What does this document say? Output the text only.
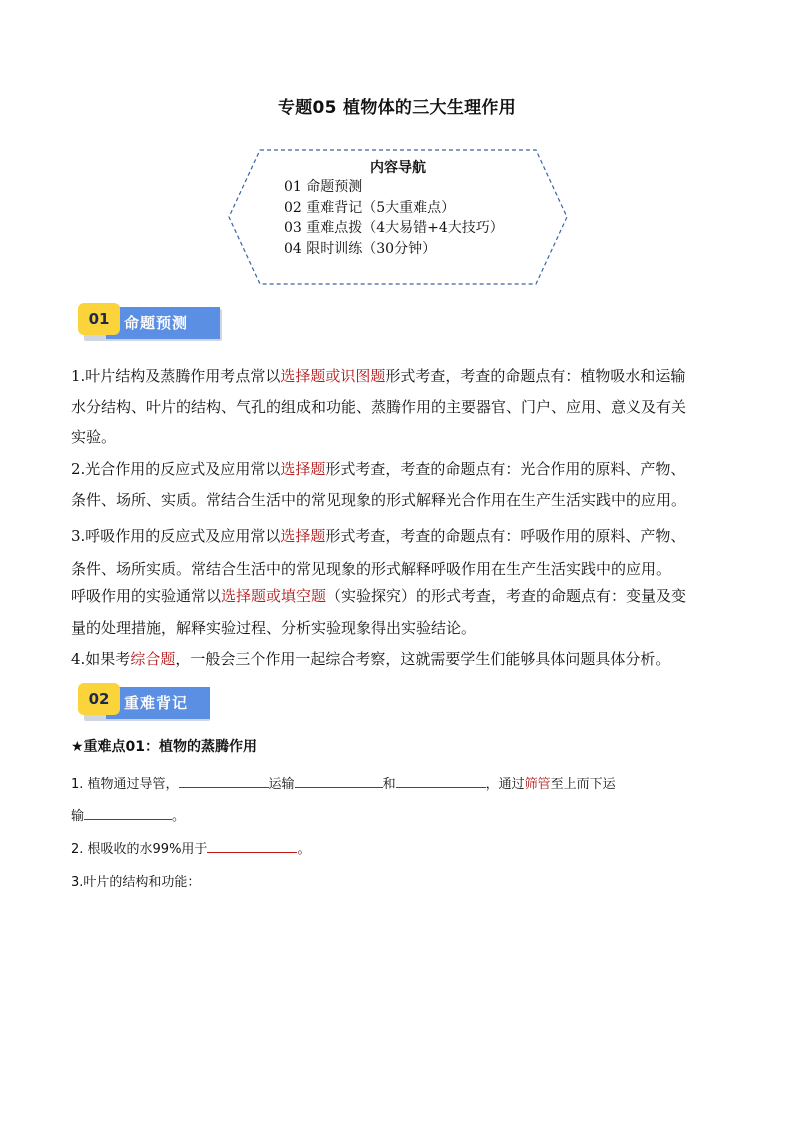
专题05 植物体的三大生理作用
内容导航
01 命题预测
02 重难背记（5大重难点）
03 重难点拨（4大易错+4大技巧）
04 限时训练（30分钟）
命题预测
01
1.叶片结构及蒸腾作用考点常以选择题或识图题形式考查，考查的命题点有：植物吸水和运输
水分结构、叶片的结构、气孔的组成和功能、蒸腾作用的主要器官、门户、应用、意义及有关
实验。
2.光合作用的反应式及应用常以选择题形式考查，考查的命题点有：光合作用的原料、产物、
条件、场所、实质。常结合生活中的常见现象的形式解释光合作用在生产生活实践中的应用。
3.呼吸作用的反应式及应用常以选择题形式考查，考查的命题点有：呼吸作用的原料、产物、
条件、场所实质。常结合生活中的常见现象的形式解释呼吸作用在生产生活实践中的应用。
呼吸作用的实验通常以选择题或填空题（实验探究）的形式考查，考查的命题点有：变量及变
量的处理措施，解释实验过程、分析实验现象得出实验结论。
4.如果考综合题，一般会三个作用一起综合考察，这就需要学生们能够具体问题具体分析。
重难背记
02
★重难点01：植物的蒸腾作用
1. 植物通过导管，	运输	和	，通过筛管至上而下运
输	。
2. 根吸收的水99%用于	。
3.叶片的结构和功能：
